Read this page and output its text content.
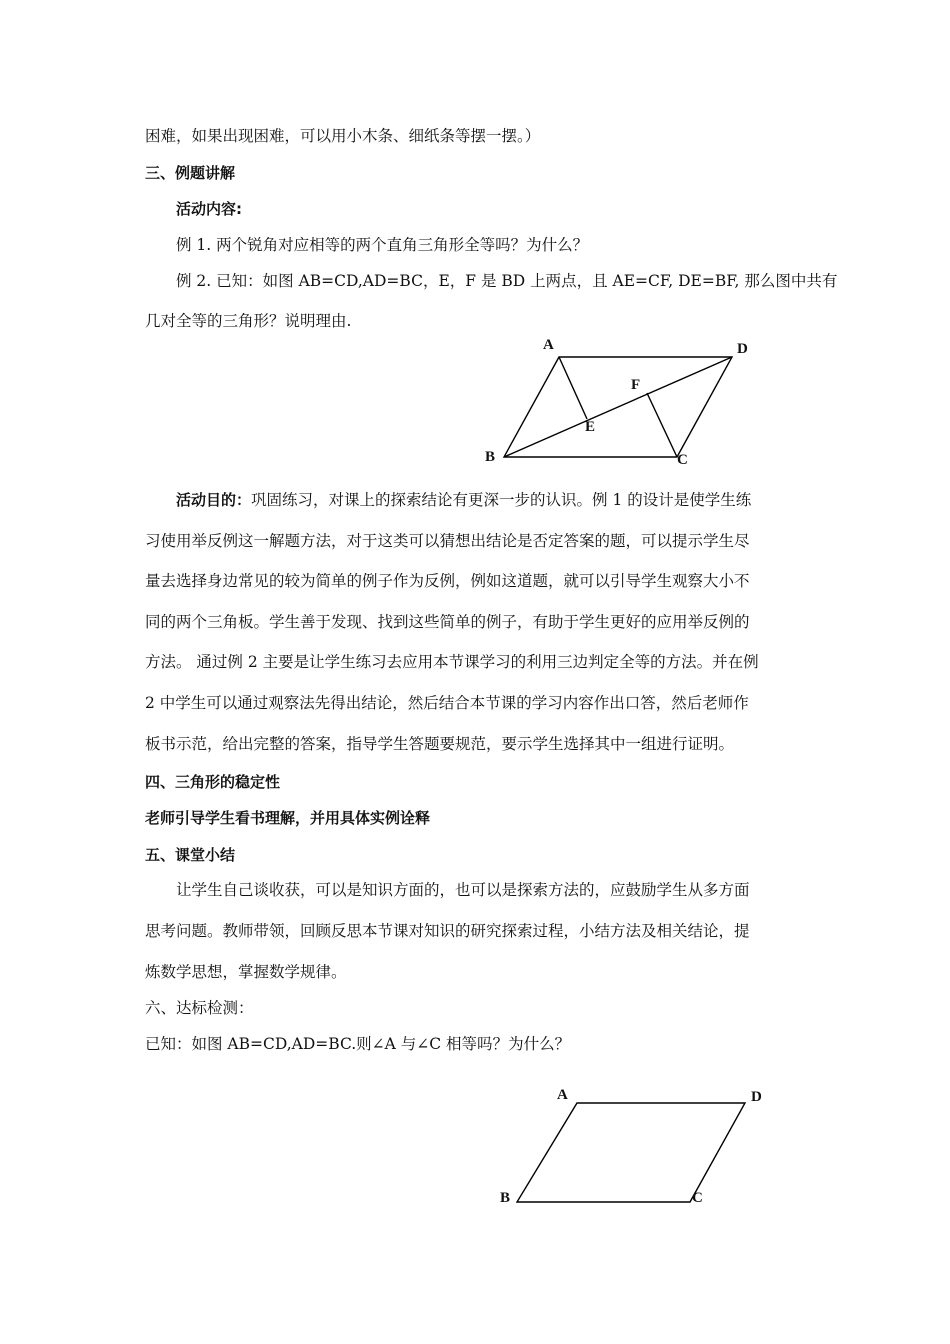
困难，如果出现困难，可以用小木条、细纸条等摆一摆。）
三、例题讲解
活动内容:
例 1. 两个锐角对应相等的两个直角三角形全等吗？为什么？
例 2. 已知：如图 AB=CD,AD=BC，E，F 是 BD 上两点，且 AE=CF, DE=BF, 那么图中共有
几对全等的三角形？说明理由.
A	D
F
E
B	C
活动目的：巩固练习，对课上的探索结论有更深一步的认识。例 1 的设计是使学生练
习使用举反例这一解题方法，对于这类可以猜想出结论是否定答案的题，可以提示学生尽
量去选择身边常见的较为简单的例子作为反例，例如这道题，就可以引导学生观察大小不
同的两个三角板。学生善于发现、找到这些简单的例子，有助于学生更好的应用举反例的
方法。 通过例 2 主要是让学生练习去应用本节课学习的利用三边判定全等的方法。并在例
2 中学生可以通过观察法先得出结论，然后结合本节课的学习内容作出口答，然后老师作
板书示范，给出完整的答案，指导学生答题要规范，要示学生选择其中一组进行证明。
四、三角形的稳定性
老师引导学生看书理解，并用具体实例诠释
五、课堂小结
让学生自己谈收获，可以是知识方面的，也可以是探索方法的，应鼓励学生从多方面
思考问题。教师带领，回顾反思本节课对知识的研究探索过程，小结方法及相关结论，提
炼数学思想，掌握数学规律。
六、达标检测：
已知：如图 AB=CD,AD=BC.则∠A 与∠C 相等吗？为什么？
A	D
B	C
